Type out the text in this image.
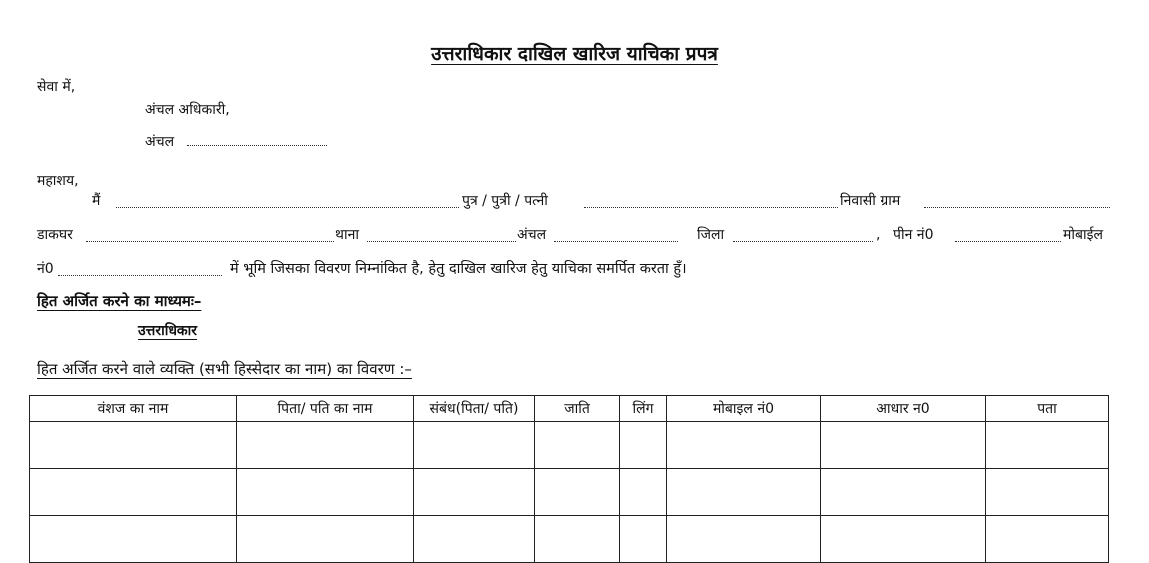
उत्तराधिकार दाखिल खारिज याचिका प्रपत्र
सेवा में,
अंचल अधिकारी,
अंचल
महाशय,
मैं	पुत्र / पुत्री / पत्नी	निवासी ग्राम
डाकघर	थाना	अंचल	जिला	, पीन नं0	मोबाईल
नं0	में भूमि जिसका विवरण निम्नांकित है, हेतु दाखिल खारिज हेतु याचिका समर्पित करता हुँ।
हित अर्जित करने का माध्यमः–
उत्तराधिकार
हित अर्जित करने वाले व्यक्ति (सभी हिस्सेदार का नाम) का विवरण :–
वंशज का नाम	पिता/ पति का नाम	संबंध(पिता/ पति)	जाति	लिंग	मोबाइल नं0	आधार न0	पता
